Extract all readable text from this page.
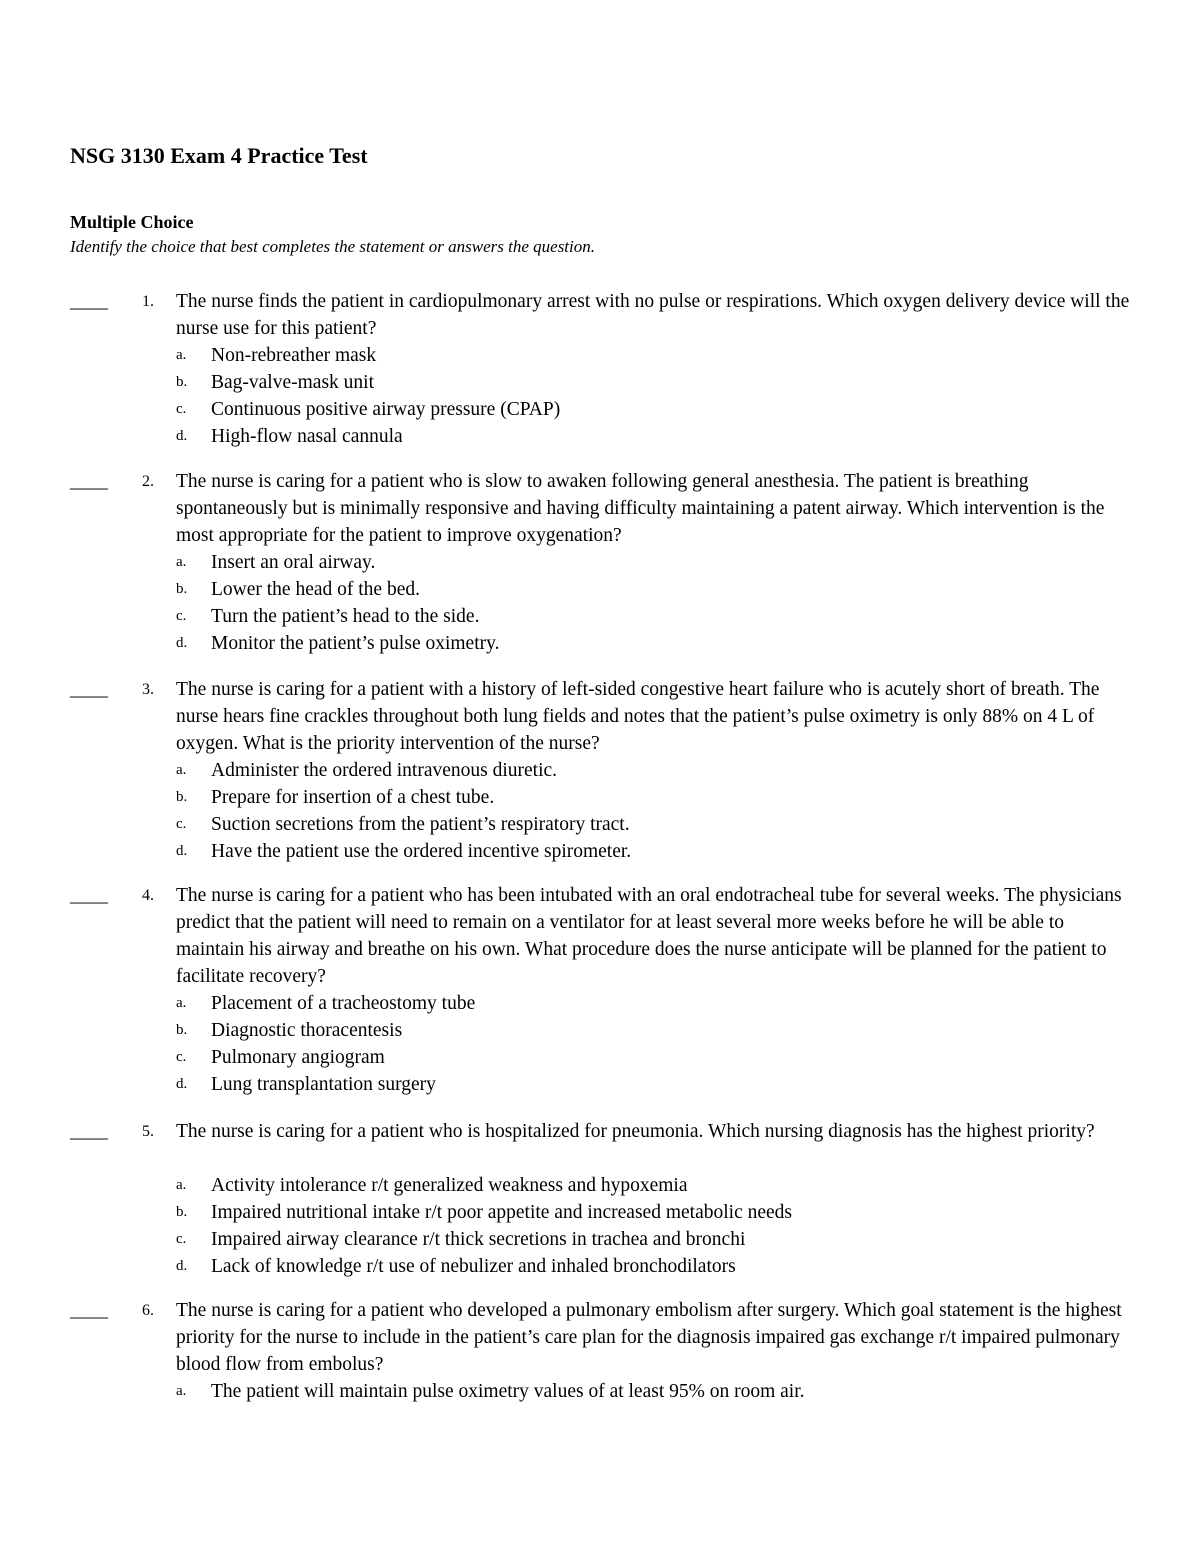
NSG 3130 Exam 4 Practice Test
Multiple Choice
Identify the choice that best completes the statement or answers the question.
____ 1.	The nurse finds the patient in cardiopulmonary arrest with no pulse or respirations. Which oxygen delivery device will the nurse use for this patient?
a. Non-rebreather mask
b. Bag-valve-mask unit
c. Continuous positive airway pressure (CPAP)
d. High-flow nasal cannula
____ 2.	The nurse is caring for a patient who is slow to awaken following general anesthesia. The patient is breathing spontaneously but is minimally responsive and having difficulty maintaining a patent airway. Which intervention is the most appropriate for the patient to improve oxygenation?
a. Insert an oral airway.
b. Lower the head of the bed.
c. Turn the patient’s head to the side.
d. Monitor the patient’s pulse oximetry.
____ 3.	The nurse is caring for a patient with a history of left-sided congestive heart failure who is acutely short of breath. The nurse hears fine crackles throughout both lung fields and notes that the patient’s pulse oximetry is only 88% on 4 L of oxygen. What is the priority intervention of the nurse?
a. Administer the ordered intravenous diuretic.
b. Prepare for insertion of a chest tube.
c. Suction secretions from the patient’s respiratory tract.
d. Have the patient use the ordered incentive spirometer.
____ 4.	The nurse is caring for a patient who has been intubated with an oral endotracheal tube for several weeks. The physicians predict that the patient will need to remain on a ventilator for at least several more weeks before he will be able to maintain his airway and breathe on his own. What procedure does the nurse anticipate will be planned for the patient to facilitate recovery?
a. Placement of a tracheostomy tube
b. Diagnostic thoracentesis
c. Pulmonary angiogram
d. Lung transplantation surgery
____ 5.	The nurse is caring for a patient who is hospitalized for pneumonia. Which nursing diagnosis has the highest priority?
a. Activity intolerance r/t generalized weakness and hypoxemia
b. Impaired nutritional intake r/t poor appetite and increased metabolic needs
c. Impaired airway clearance r/t thick secretions in trachea and bronchi
d. Lack of knowledge r/t use of nebulizer and inhaled bronchodilators
____ 6.	The nurse is caring for a patient who developed a pulmonary embolism after surgery. Which goal statement is the highest priority for the nurse to include in the patient’s care plan for the diagnosis impaired gas exchange r/t impaired pulmonary blood flow from embolus?
a. The patient will maintain pulse oximetry values of at least 95% on room air.
